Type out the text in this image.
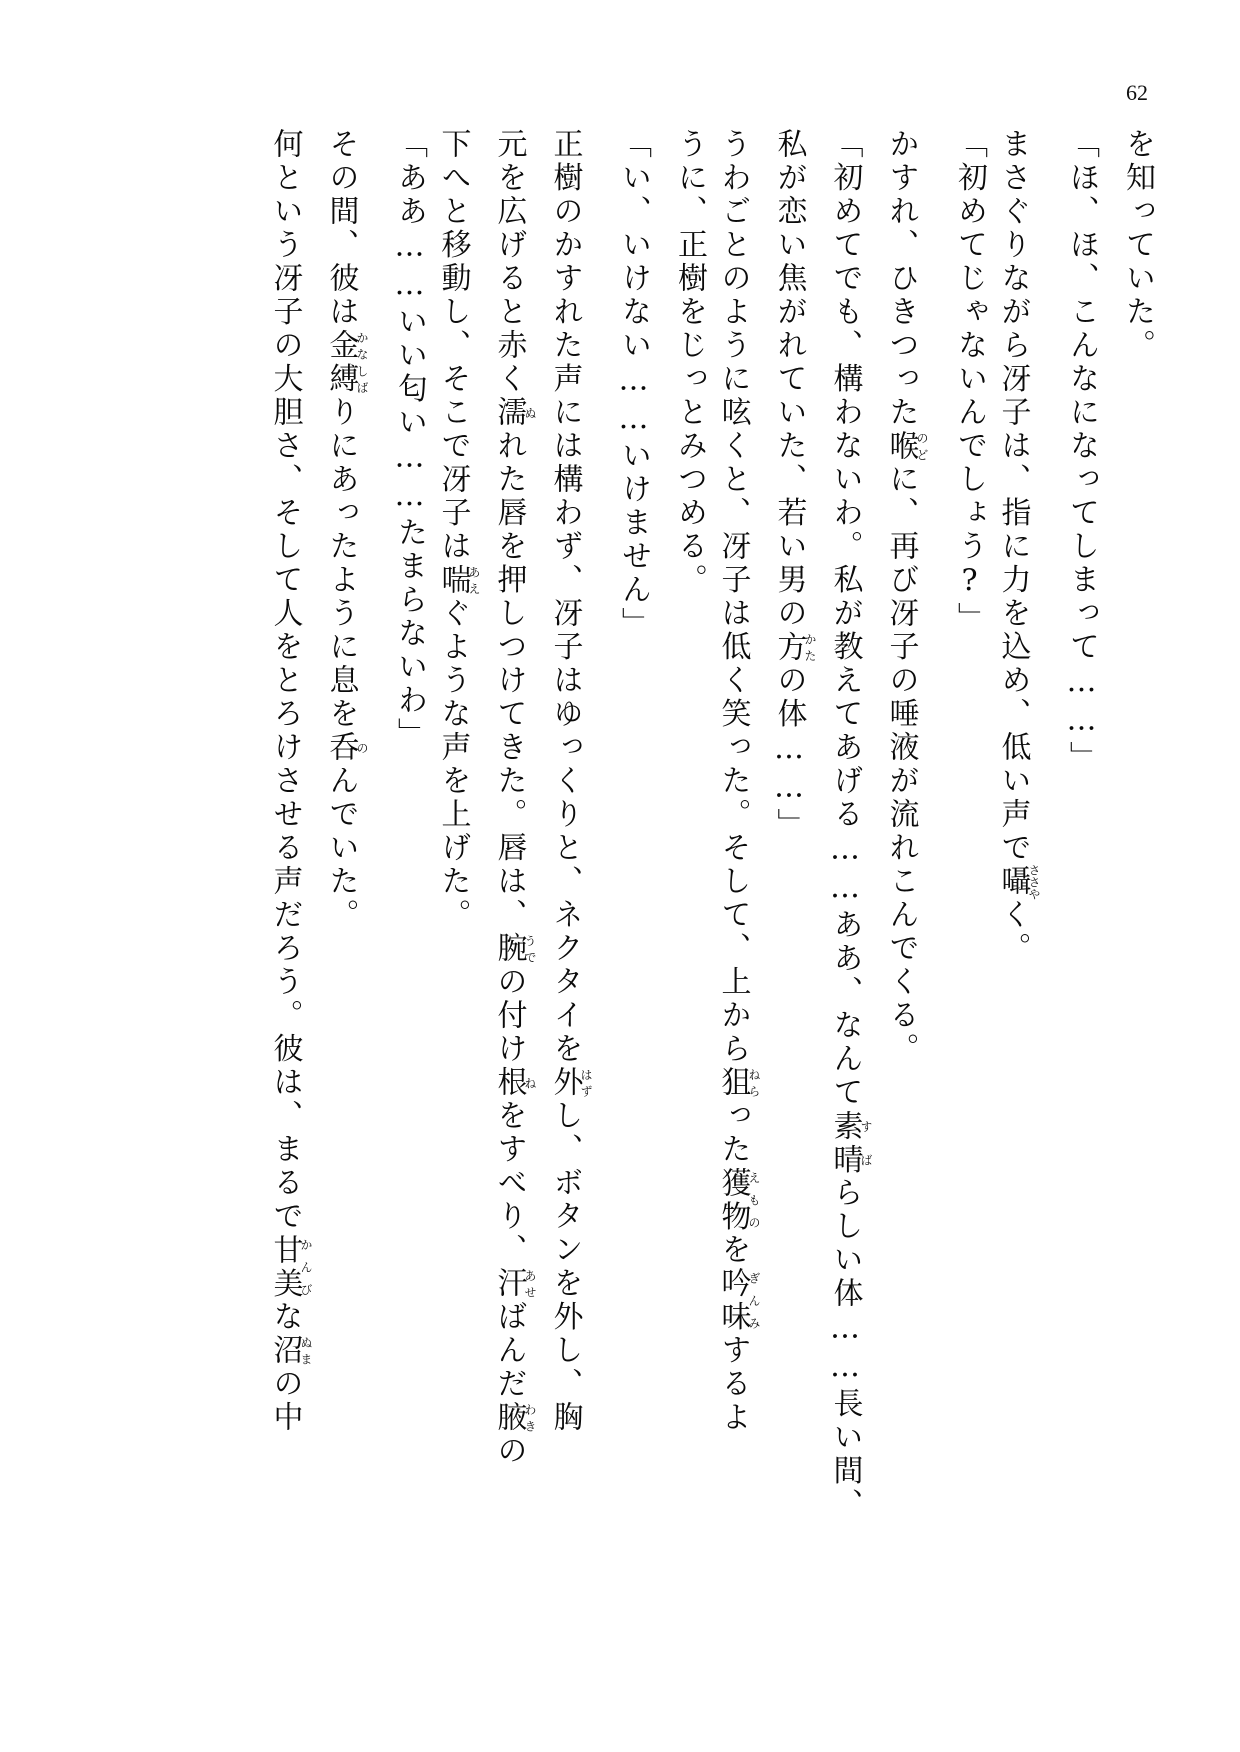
62
を知っていた。
「ほ、ほ、こんなになってしまって……」
まさぐりながら冴子は、指に力を込め、低い声で囁ささやく。
「初めてじゃないんでしょう?」
かすれ、ひきつった喉のどに、再び冴子の唾液が流れこんでくる。
「初めてでも、構わないわ。私が教えてあげる……ああ、なんて素晴すばらしい体……長い間、
私が恋い焦がれていた、若い男の方かたの体……」
うわごとのように呟くと、冴子は低く笑った。そして、上から狙ねらった獲物えものを吟味ぎんみするよ
うに、正樹をじっとみつめる。
「い、いけない……いけません」
正樹のかすれた声には構わず、冴子はゆっくりと、ネクタイを外はずし、ボタンを外し、胸
元を広げると赤く濡ぬれた唇を押しつけてきた。唇は、腕うでの付け根ねをすべり、汗あせばんだ腋わきの
下へと移動し、そこで冴子は喘あえぐような声を上げた。
「ああ……いい匂い……たまらないわ」
その間、彼は金縛かなしばりにあったように息を呑のんでいた。
何という冴子の大胆さ、そして人をとろけさせる声だろう。彼は、まるで甘美かんびな沼ぬまの中
